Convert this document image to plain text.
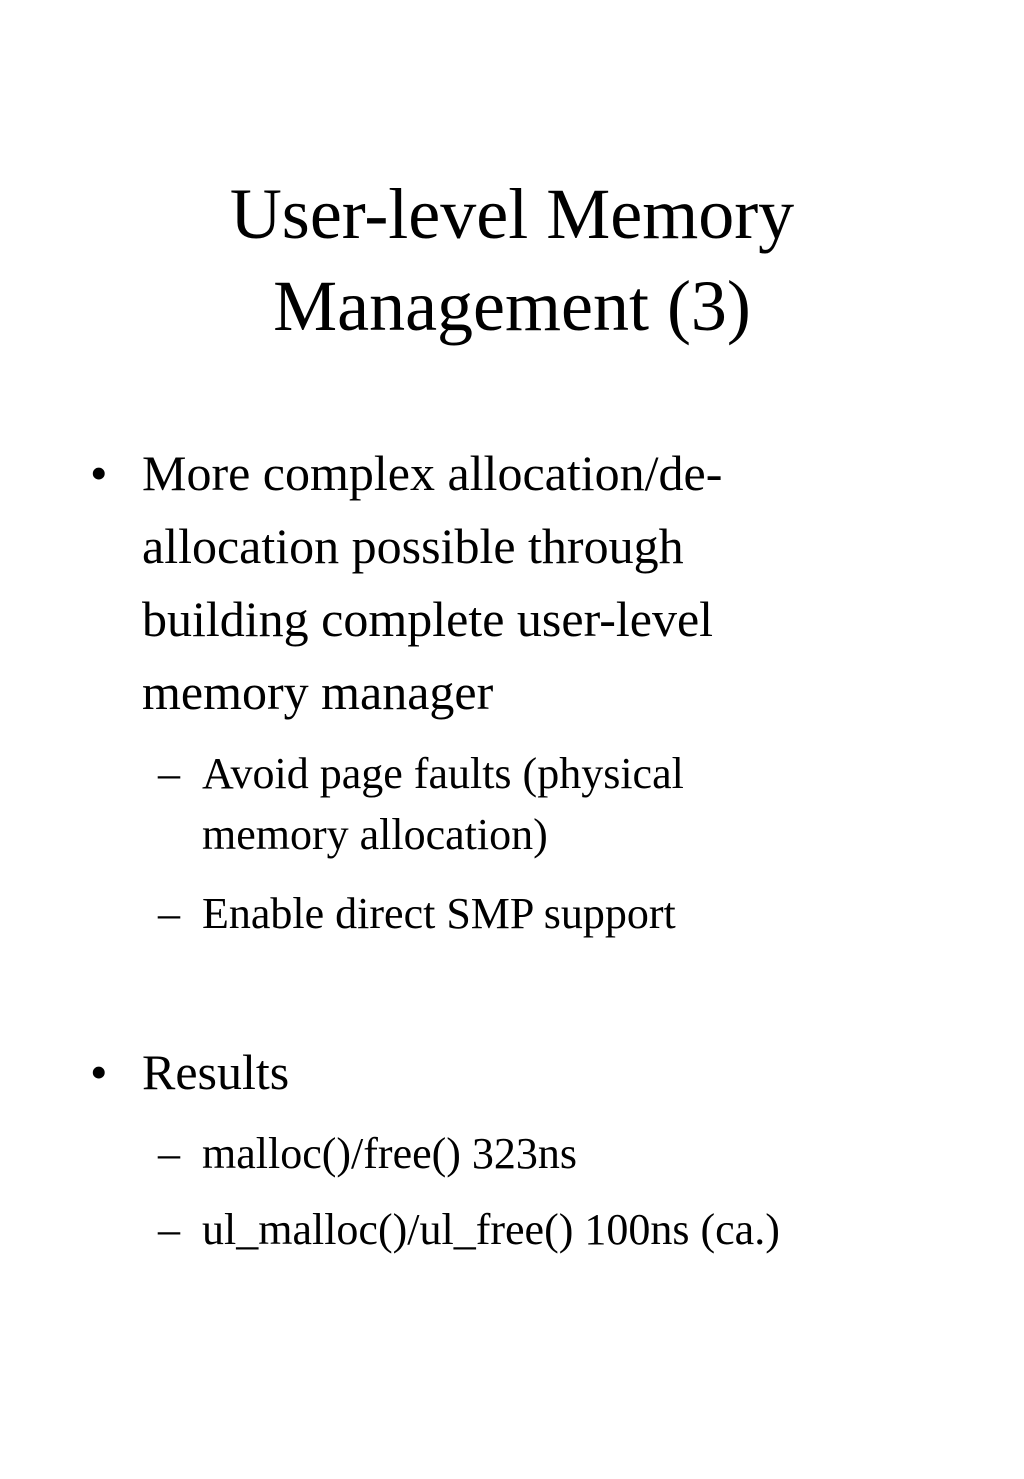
User-level Memory
Management (3)
• More complex allocation/de-
allocation possible through
building complete user-level
memory manager
– Avoid page faults (physical
memory allocation)
– Enable direct SMP support
• Results
– malloc()/free() 323ns
– ul_malloc()/ul_free() 100ns (ca.)
